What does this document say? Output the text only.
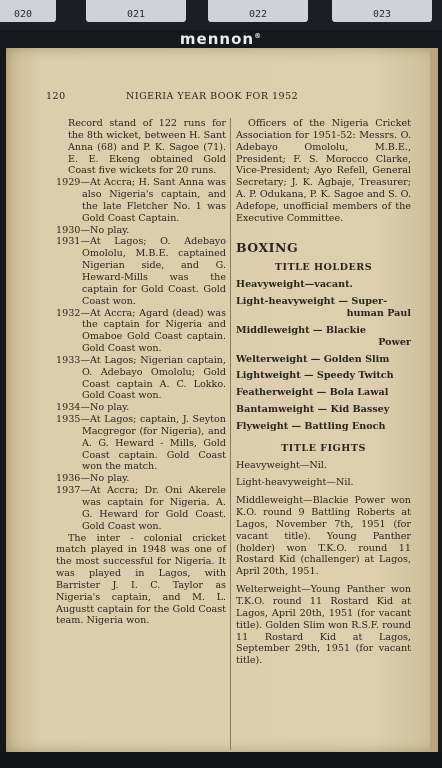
020	021	022	023
mennon®
120	NIGERIA YEAR BOOK FOR 1952

Record stand of 122 runs for the 8th wicket, between H. Sant Anna (68) and P. K. Sagoe (71). E. E. Ekeng obtained Gold Coast five wickets for 20 runs.

1929—At Accra; H. Sant Anna was also Nigeria's captain, and the late Fletcher No. 1 was Gold Coast Captain.

1930—No play.

1931—At Lagos; O. Adebayo Omololu, M.B.E. captained Nigerian side, and G. Heward-Mills was the captain for Gold Coast. Gold Coast won.

1932—At Accra; Agard (dead) was the captain for Nigeria and Omaboe Gold Coast captain. Gold Coast won.

1933—At Lagos; Nigerian captain, O. Adebayo Omololu; Gold Coast captain A. C. Lokko. Gold Coast won.

1934—No play.

1935—At Lagos; captain, J. Seyton Macgregor (for Nigeria), and A. G. Heward - Mills, Gold Coast captain. Gold Coast won the match.

1936—No play.

1937—At Accra; Dr. Oni Akerele was captain for Nigeria. A. G. Heward for Gold Coast. Gold Coast won.

The inter - colonial cricket match played in 1948 was one of the most successful for Nigeria. It was played in Lagos, with Barrister J. I. C. Taylor as Nigeria's captain, and M. L. Augustt captain for the Gold Coast team. Nigeria won.

Officers of the Nigeria Cricket Association for 1951-52: Messrs. O. Adebayo Omololu, M.B.E., President; F. S. Morocco Clarke, Vice-President; Ayo Refell, General Secretary; J. K. Agbaje, Treasurer; A. P. Odukana, P. K. Sagoe and S. O. Adefope, unofficial members of the Executive Committee.

BOXING
TITLE HOLDERS
Heavyweight—vacant.
Light-heavyweight — Super-
human Paul
Middleweight — Blackie
Power
Welterweight — Golden Slim
Lightweight — Speedy Twitch
Featherweight — Bola Lawal
Bantamweight — Kid Bassey
Flyweight — Battling Enoch
TITLE FIGHTS

Heavyweight—Nil.

Light-heavyweight—Nil.

Middleweight—Blackie Power won K.O. round 9 Battling Roberts at Lagos, November 7th, 1951 (for vacant title). Young Panther (holder) won T.K.O. round 11 Rostard Kid (challenger) at Lagos, April 20th, 1951.

Welterweight—Young Panther won T.K.O. round 11 Rostard Kid at Lagos, April 20th, 1951 (for vacant title). Golden Slim won R.S.F. round 11 Rostard Kid at Lagos, September 29th, 1951 (for vacant title).
